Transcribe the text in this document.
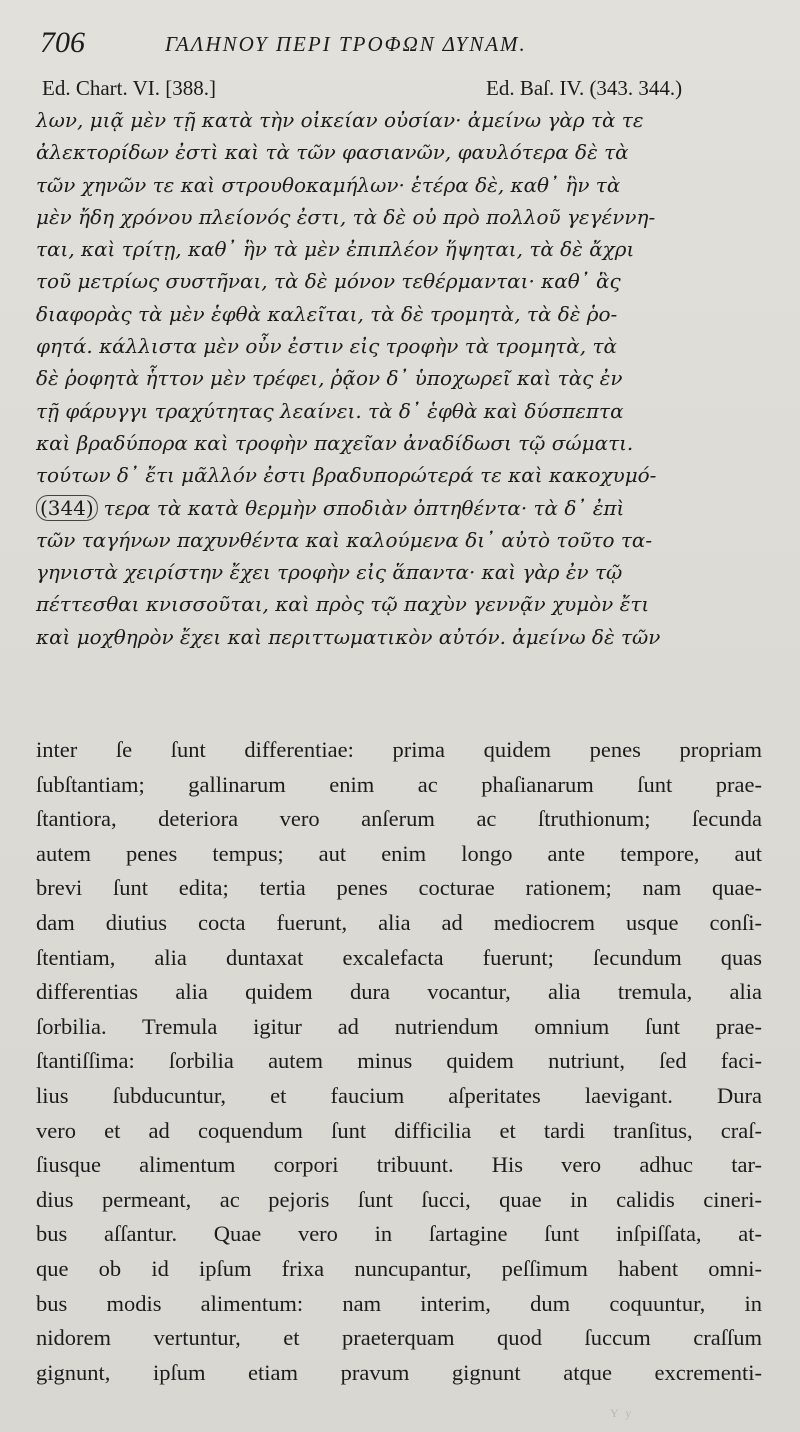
706	ΓΑΛΗΝΟΥ ΠΕΡΙ ΤΡΟΦΩΝ ΔΥΝΑΜ.
Ed. Chart. VI. [388.]	Ed. Baſ. IV. (343. 344.)
λων, μιᾷ μὲν τῇ κατὰ τὴν οἰκείαν οὐσίαν· ἀμείνω γὰρ τὰ τε
ἀλεκτορίδων ἐστὶ καὶ τὰ τῶν φασιανῶν, φαυλότερα δὲ τὰ
τῶν χηνῶν τε καὶ στρουθοκαμήλων· ἑτέρα δὲ, καθ᾽ ἣν τὰ
μὲν ἤδη χρόνου πλείονός ἐστι, τὰ δὲ οὐ πρὸ πολλοῦ γεγέννη-
ται, καὶ τρίτῃ, καθ᾽ ἣν τὰ μὲν ἐπιπλέον ἥψηται, τὰ δὲ ἄχρι
τοῦ μετρίως συστῆναι, τὰ δὲ μόνον τεθέρμανται· καθ᾽ ἃς
διαφορὰς τὰ μὲν ἑφθὰ καλεῖται, τὰ δὲ τρομητὰ, τὰ δὲ ῥο-
φητά. κάλλιστα μὲν οὖν ἐστιν εἰς τροφὴν τὰ τρομητὰ, τὰ
δὲ ῥοφητὰ ἧττον μὲν τρέφει, ῥᾷον δ᾽ ὑποχωρεῖ καὶ τὰς ἐν
τῇ φάρυγγι τραχύτητας λεαίνει. τὰ δ᾽ ἑφθὰ καὶ δύσπεπτα
καὶ βραδύπορα καὶ τροφὴν παχεῖαν ἀναδίδωσι τῷ σώματι.
τούτων δ᾽ ἔτι μᾶλλόν ἐστι βραδυπορώτερά τε καὶ κακοχυμό-
(344) τερα τὰ κατὰ θερμὴν σποδιὰν ὀπτηθέντα· τὰ δ᾽ ἐπὶ
τῶν ταγήνων παχυνθέντα καὶ καλούμενα δι᾽ αὐτὸ τοῦτο τα-
γηνιστὰ χειρίστην ἔχει τροφὴν εἰς ἅπαντα· καὶ γὰρ ἐν τῷ
πέττεσθαι κνισσοῦται, καὶ πρὸς τῷ παχὺν γεννᾷν χυμὸν ἔτι
καὶ μοχθηρὸν ἔχει καὶ περιττωματικὸν αὐτόν. ἀμείνω δὲ τῶν
inter ſe ſunt differentiae: prima quidem penes propriam
ſubſtantiam; gallinarum enim ac phaſianarum ſunt prae-
ſtantiora, deteriora vero anſerum ac ſtruthionum; ſecunda
autem penes tempus; aut enim longo ante tempore, aut
brevi ſunt edita; tertia penes cocturae rationem; nam quae-
dam diutius cocta fuerunt, alia ad mediocrem usque conſi-
ſtentiam, alia duntaxat excalefacta fuerunt; ſecundum quas
differentias alia quidem dura vocantur, alia tremula, alia
ſorbilia. Tremula igitur ad nutriendum omnium ſunt prae-
ſtantiſſima: ſorbilia autem minus quidem nutriunt, ſed faci-
lius ſubducuntur, et faucium aſperitates laevigant. Dura
vero et ad coquendum ſunt difficilia et tardi tranſitus, craſ-
ſiusque alimentum corpori tribuunt. His vero adhuc tar-
dius permeant, ac pejoris ſunt ſucci, quae in calidis cineri-
bus aſſantur. Quae vero in ſartagine ſunt inſpiſſata, at-
que ob id ipſum frixa nuncupantur, peſſimum habent omni-
bus modis alimentum: nam interim, dum coquuntur, in
nidorem vertuntur, et praeterquam quod ſuccum craſſum
gignunt, ipſum etiam pravum gignunt atque excrementi-
Y y
